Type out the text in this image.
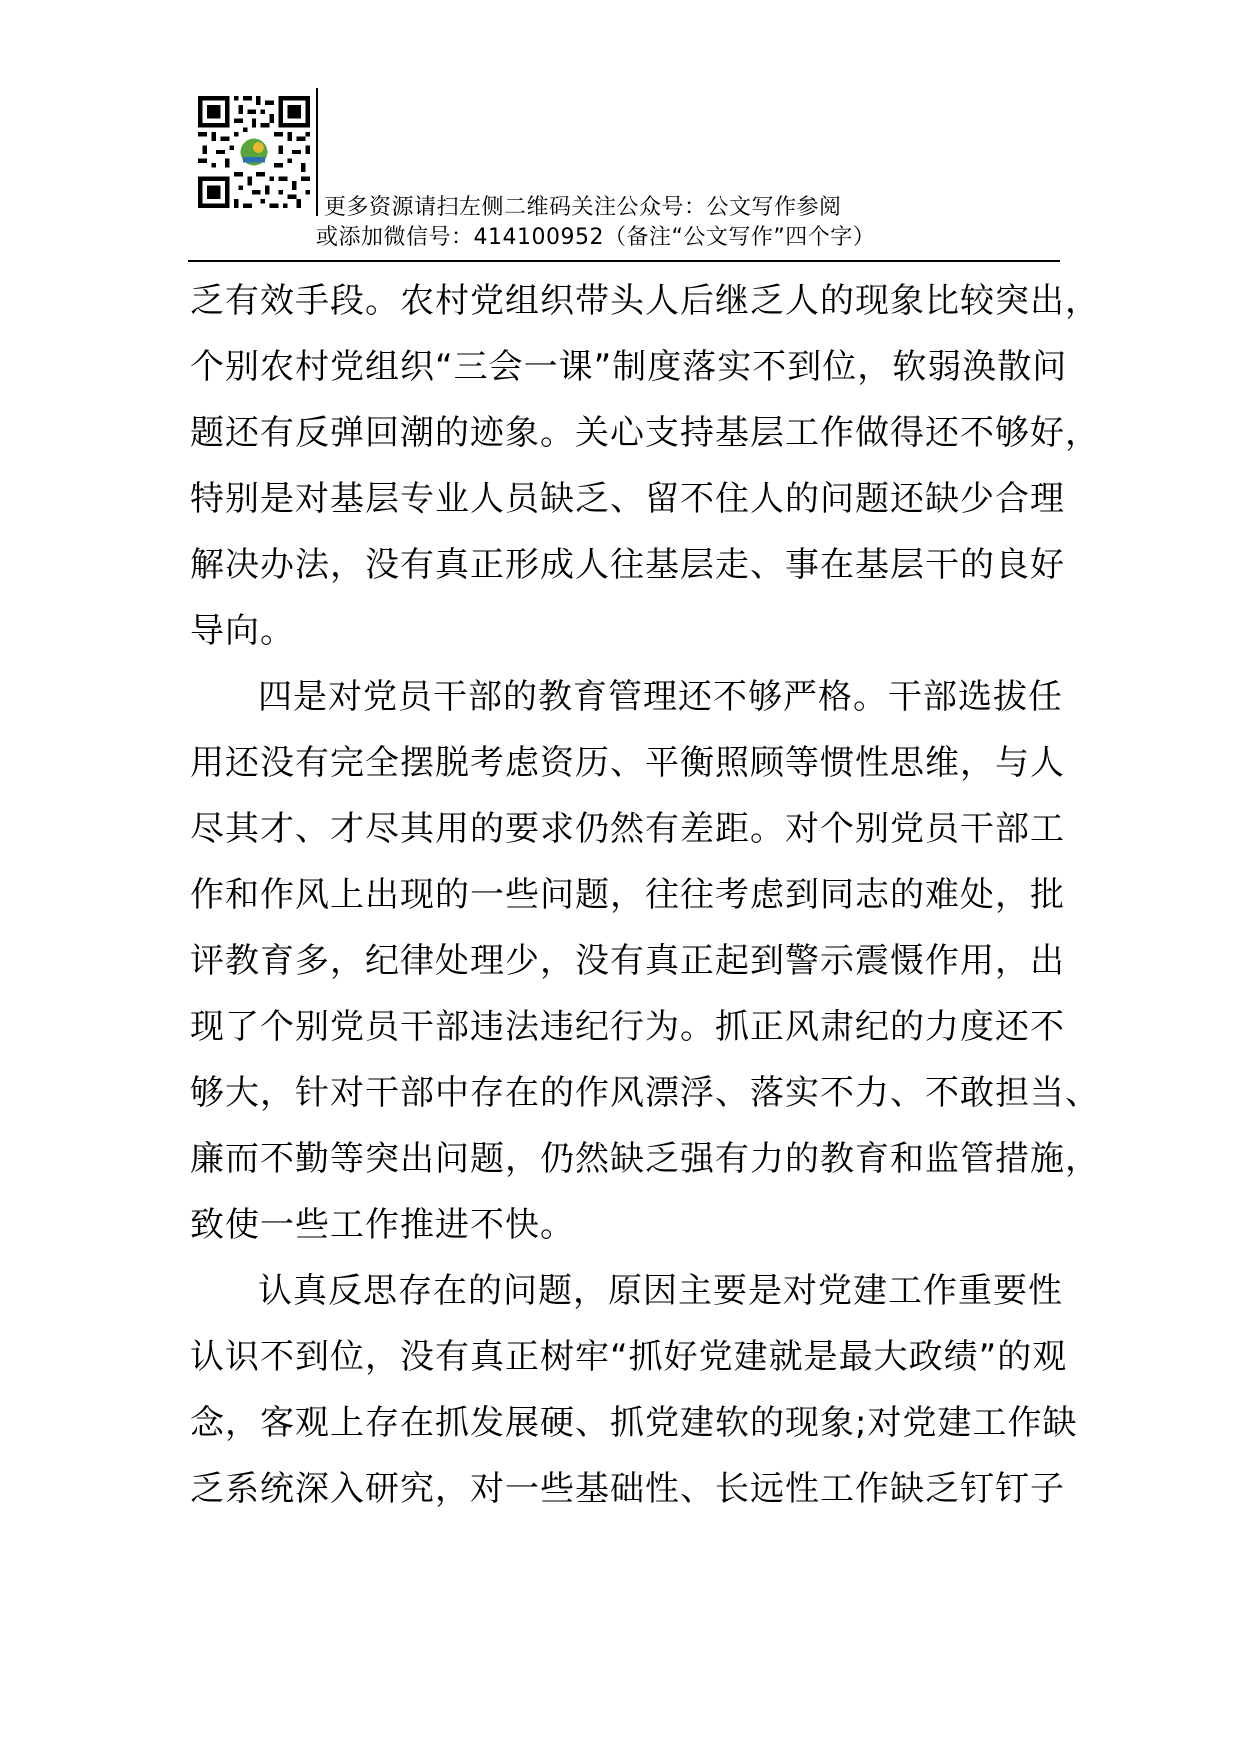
更多资源请扫左侧二维码关注公众号：公文写作参阅
或添加微信号：414100952（备注“公文写作”四个字）
乏有效手段。农村党组织带头人后继乏人的现象比较突出，
个别农村党组织“三会一课”制度落实不到位，软弱涣散问
题还有反弹回潮的迹象。关心支持基层工作做得还不够好，
特别是对基层专业人员缺乏、留不住人的问题还缺少合理
解决办法，没有真正形成人往基层走、事在基层干的良好
导向。
四是对党员干部的教育管理还不够严格。干部选拔任
用还没有完全摆脱考虑资历、平衡照顾等惯性思维，与人
尽其才、才尽其用的要求仍然有差距。对个别党员干部工
作和作风上出现的一些问题，往往考虑到同志的难处，批
评教育多，纪律处理少，没有真正起到警示震慑作用，出
现了个别党员干部违法违纪行为。抓正风肃纪的力度还不
够大，针对干部中存在的作风漂浮、落实不力、不敢担当、
廉而不勤等突出问题，仍然缺乏强有力的教育和监管措施，
致使一些工作推进不快。
认真反思存在的问题，原因主要是对党建工作重要性
认识不到位，没有真正树牢“抓好党建就是最大政绩”的观
念，客观上存在抓发展硬、抓党建软的现象;对党建工作缺
乏系统深入研究，对一些基础性、长远性工作缺乏钉钉子
